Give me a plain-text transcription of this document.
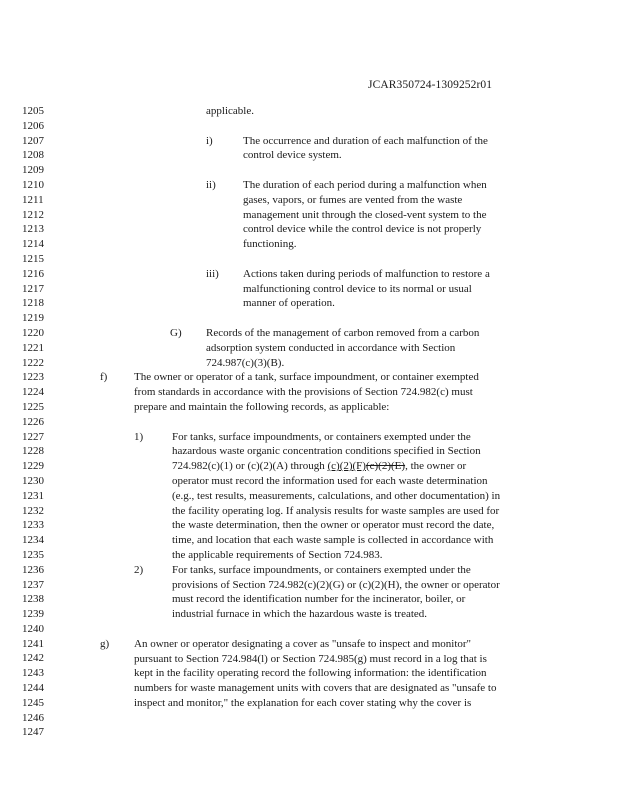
JCAR350724-1309252r01
1205
1206
1207
1208
1209
1210
1211
1212
1213
1214
1215
1216
1217
1218
1219
1220
1221
1222
1223
1224
1225
1226
1227
1228
1229
1230
1231
1232
1233
1234
1235
1236
1237
1238
1239
1240
1241
1242
1243
1244
1245
1246
1247

applicable.

i)	The occurrence and duration of each malfunction of the

control device system.

ii) The duration of each period during a malfunction when

gases, vapors, or fumes are vented from the waste

management unit through the closed-vent system to the

control device while the control device is not properly

functioning.

iii) Actions taken during periods of malfunction to restore a

malfunctioning control device to its normal or usual

manner of operation.

G) Records of the management of carbon removed from a carbon

adsorption system conducted in accordance with Section

724.987(c)(3)(B).

f) The owner or operator of a tank, surface impoundment, or container exempted

from standards in accordance with the provisions of Section 724.982(c) must

prepare and maintain the following records, as applicable:

1)	For tanks, surface impoundments, or containers exempted under the

hazardous waste organic concentration conditions specified in Section

724.982(c)(1) or (c)(2)(A) through (c)(2)(F)(c)(2)(E), the owner or

operator must record the information used for each waste determination

(e.g., test results, measurements, calculations, and other documentation) in

the facility operating log. If analysis results for waste samples are used for

the waste determination, then the owner or operator must record the date,

time, and location that each waste sample is collected in accordance with

the applicable requirements of Section 724.983.

2)	For tanks, surface impoundments, or containers exempted under the

provisions of Section 724.982(c)(2)(G) or (c)(2)(H), the owner or operator

must record the identification number for the incinerator, boiler, or

industrial furnace in which the hazardous waste is treated.

g) An owner or operator designating a cover as "unsafe to inspect and monitor"

pursuant to Section 724.984(l) or Section 724.985(g) must record in a log that is

kept in the facility operating record the following information: the identification

numbers for waste management units with covers that are designated as "unsafe to

inspect and monitor," the explanation for each cover stating why the cover is
